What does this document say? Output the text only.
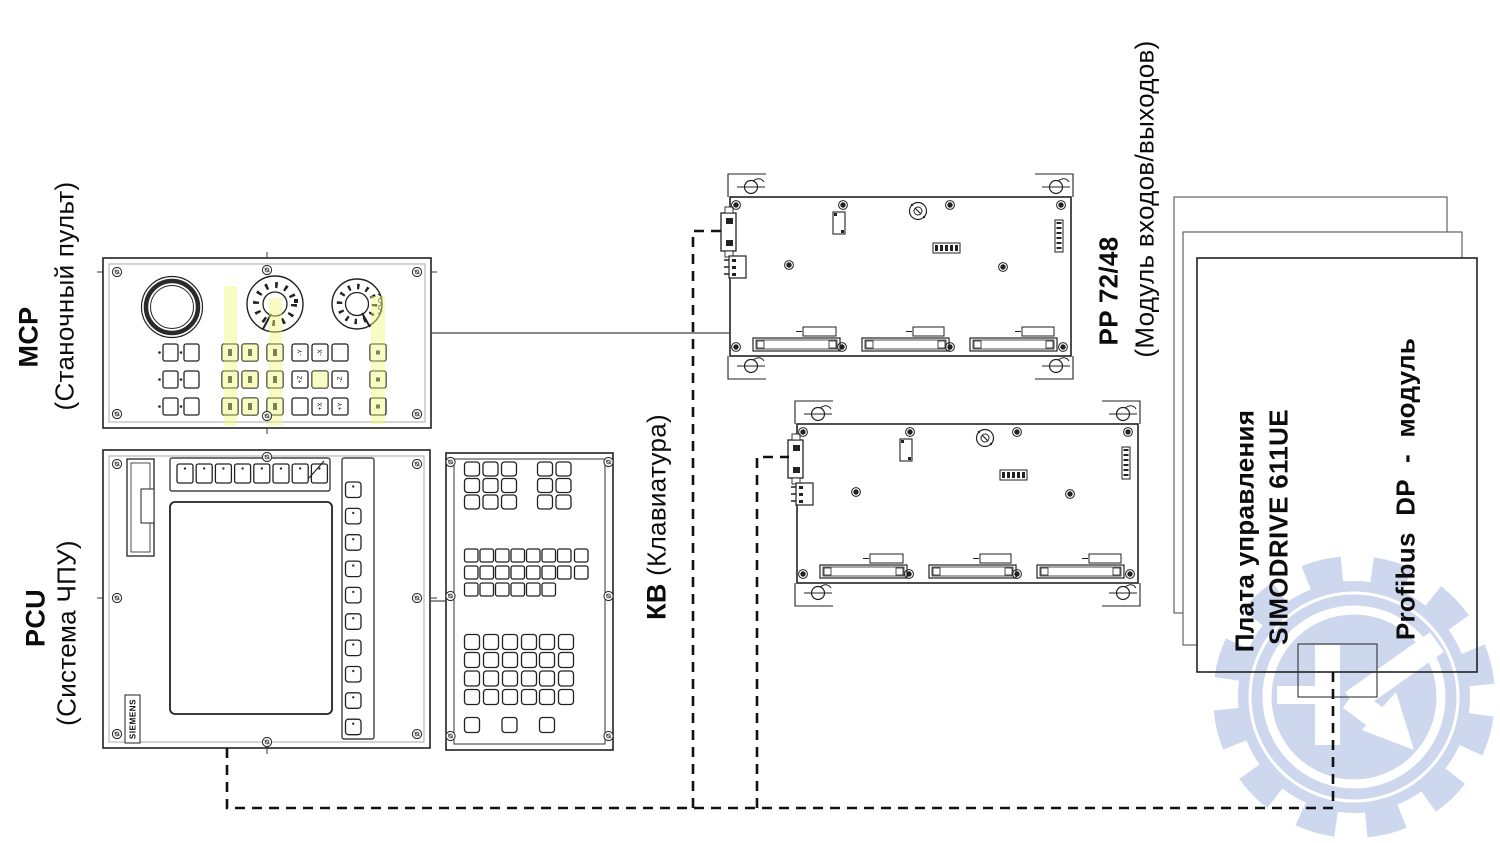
-Y -X
+Z	-Z
+X +Y
MCP (Станочный пульт)
PCU (Система ЧПУ)	КВ (Клавиатура)
PP 72/48 (Модуль входов/выходов)
Плата управления SIMODRIVE 611UE	Profibus DP - модуль
SIEMENS
